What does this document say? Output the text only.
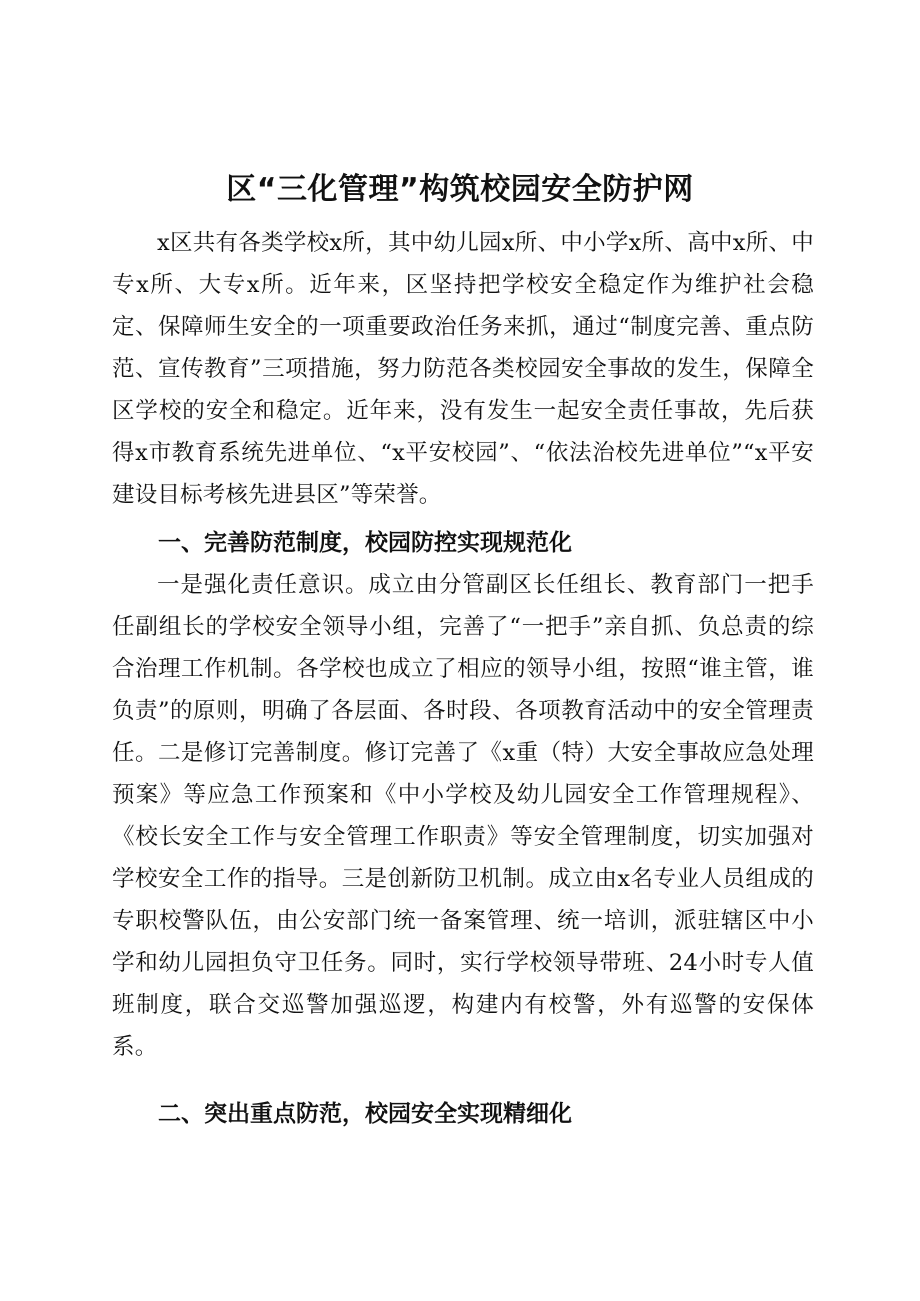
区“三化管理”构筑校园安全防护网

x区共有各类学校x所，其中幼儿园x所、中小学x所、高中x所、中专x所、大专x所。近年来，区坚持把学校安全稳定作为维护社会稳定、保障师生安全的一项重要政治任务来抓，通过“制度完善、重点防范、宣传教育”三项措施，努力防范各类校园安全事故的发生，保障全区学校的安全和稳定。近年来，没有发生一起安全责任事故，先后获得x市教育系统先进单位、“x平安校园”、“依法治校先进单位”“x平安建设目标考核先进县区”等荣誉。

一、完善防范制度，校园防控实现规范化

一是强化责任意识。成立由分管副区长任组长、教育部门一把手任副组长的学校安全领导小组，完善了“一把手”亲自抓、负总责的综合治理工作机制。各学校也成立了相应的领导小组，按照“谁主管，谁负责”的原则，明确了各层面、各时段、各项教育活动中的安全管理责任。二是修订完善制度。修订完善了《x重（特）大安全事故应急处理预案》等应急工作预案和《中小学校及幼儿园安全工作管理规程》、《校长安全工作与安全管理工作职责》等安全管理制度，切实加强对学校安全工作的指导。三是创新防卫机制。成立由x名专业人员组成的专职校警队伍，由公安部门统一备案管理、统一培训，派驻辖区中小学和幼儿园担负守卫任务。同时，实行学校领导带班、24小时专人值班制度，联合交巡警加强巡逻，构建内有校警，外有巡警的安保体系。

二、突出重点防范，校园安全实现精细化
